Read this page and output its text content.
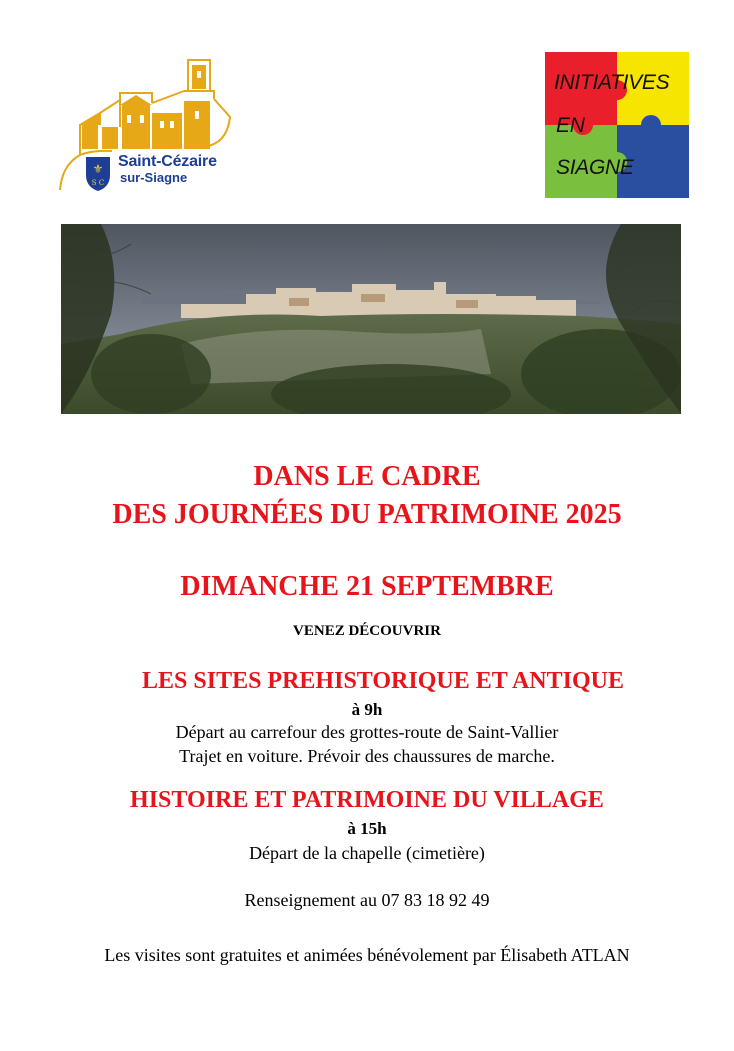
⚜
S C
Saint-Cézaire
sur-Siagne
INITIATIVES
EN
SIAGNE
DANS LE CADRE
DES JOURNÉES DU PATRIMOINE 2025
DIMANCHE 21 SEPTEMBRE
VENEZ DÉCOUVRIR
LES SITES PREHISTORIQUE ET ANTIQUE
à 9h
Départ au carrefour des grottes-route de Saint-Vallier
Trajet en voiture. Prévoir des chaussures de marche.
HISTOIRE ET PATRIMOINE DU VILLAGE
à 15h
Départ de la chapelle (cimetière)
Renseignement au 07 83 18 92 49
Les visites sont gratuites et animées bénévolement par Élisabeth ATLAN
